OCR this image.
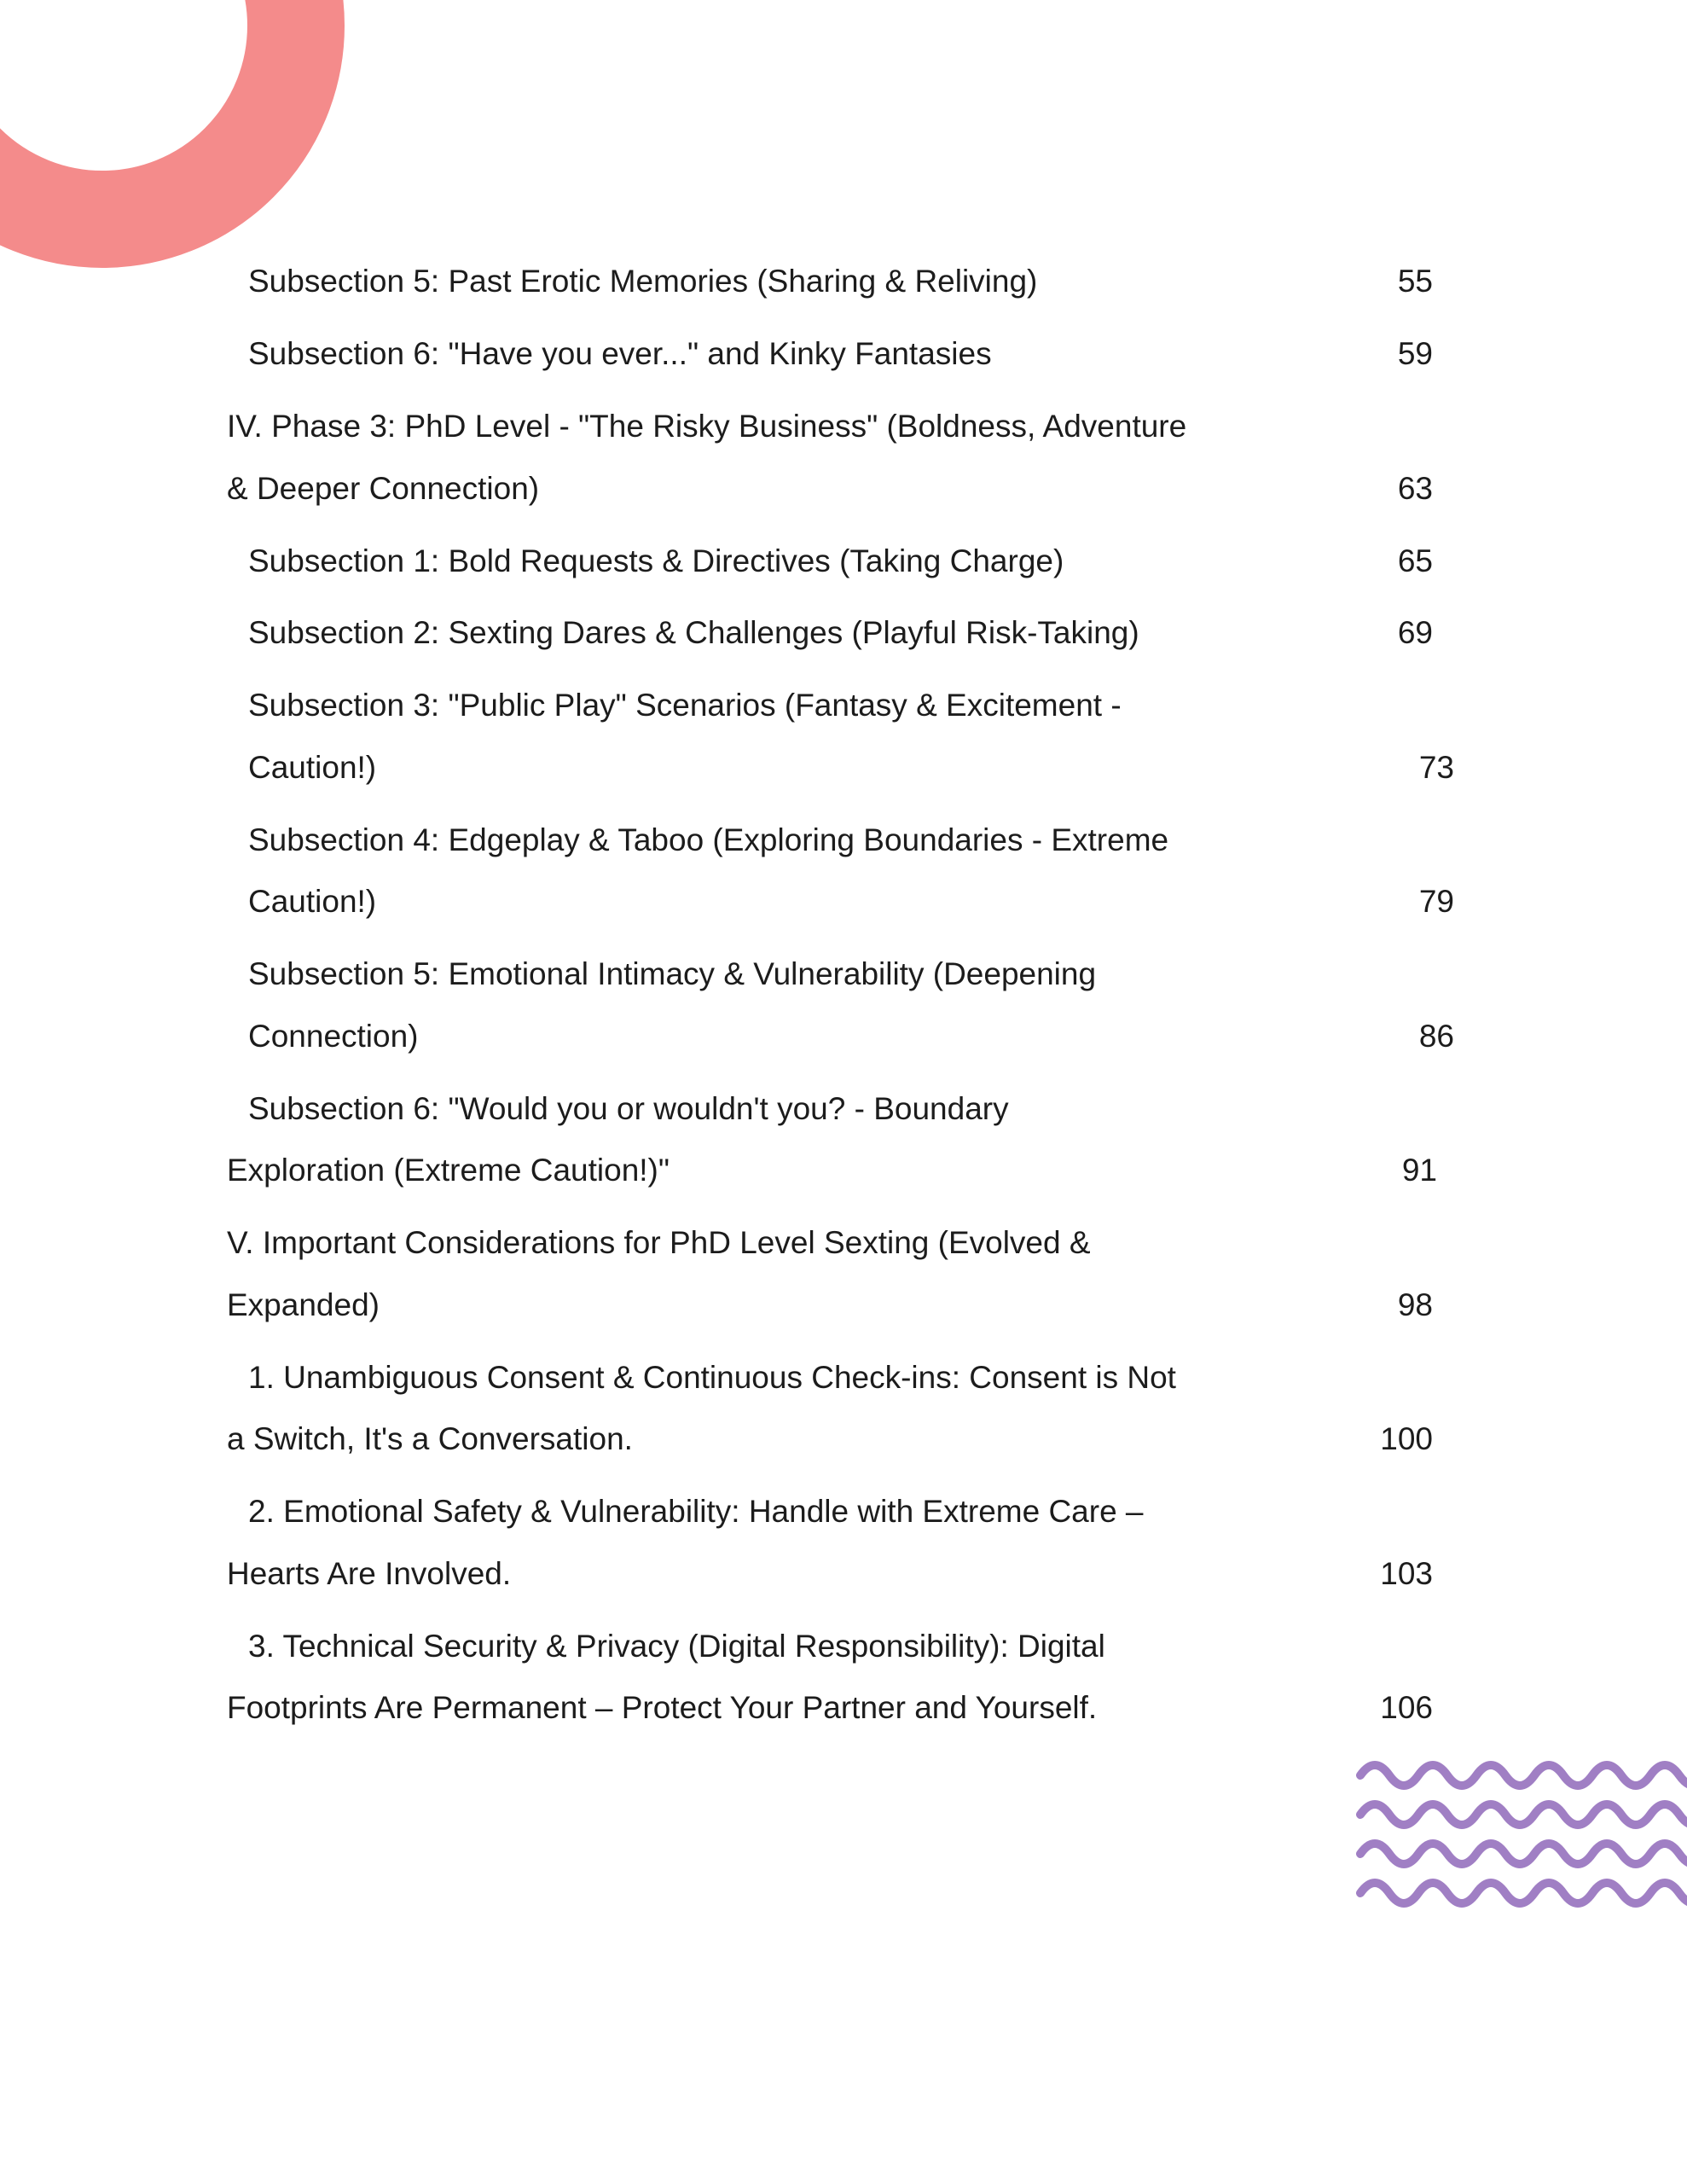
Subsection 5: Past Erotic Memories (Sharing & Reliving)	55
Subsection 6: "Have you ever..." and Kinky Fantasies	59
IV. Phase 3: PhD Level - "The Risky Business" (Boldness, Adventure
& Deeper Connection)	63
Subsection 1: Bold Requests & Directives (Taking Charge)	65
Subsection 2: Sexting Dares & Challenges (Playful Risk-Taking)	69
Subsection 3: "Public Play" Scenarios (Fantasy & Excitement -
Caution!)	73
Subsection 4: Edgeplay & Taboo (Exploring Boundaries - Extreme
Caution!)	79
Subsection 5: Emotional Intimacy & Vulnerability (Deepening
Connection)	86
Subsection 6: "Would you or wouldn't you? - Boundary
Exploration (Extreme Caution!)"	91
V. Important Considerations for PhD Level Sexting (Evolved &
Expanded)	98
1. Unambiguous Consent & Continuous Check-ins: Consent is Not
a Switch, It's a Conversation.	100
2. Emotional Safety & Vulnerability: Handle with Extreme Care –
Hearts Are Involved.	103
3. Technical Security & Privacy (Digital Responsibility): Digital
Footprints Are Permanent – Protect Your Partner and Yourself.	106
